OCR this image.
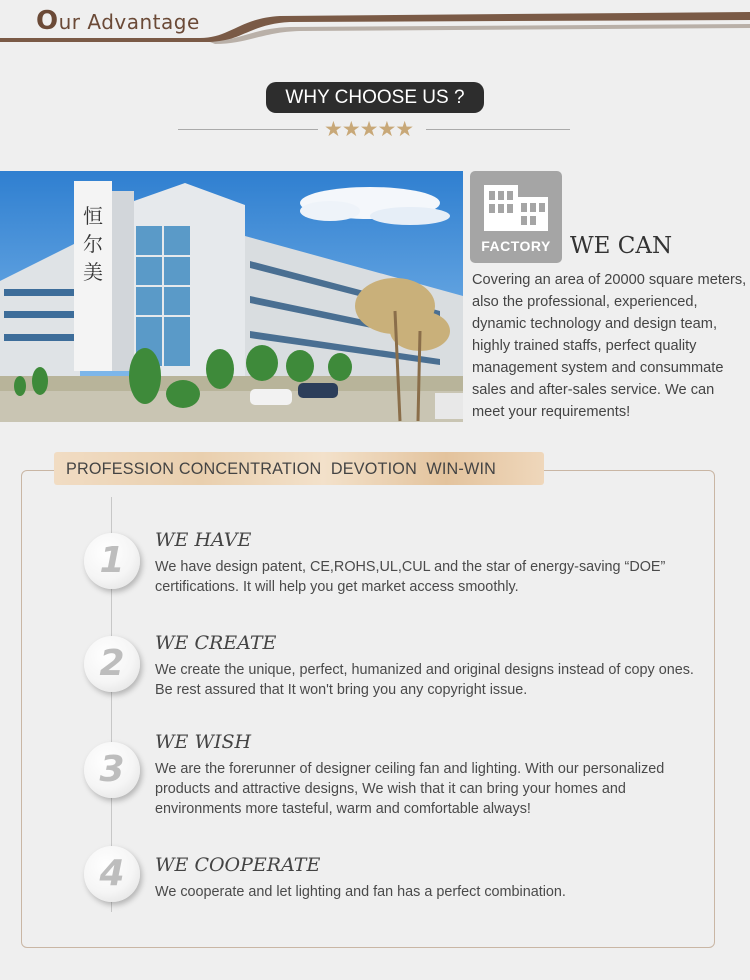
Our Advantage
WHY CHOOSE US ?
★★★★★
恒
尔
美
FACTORY WE CAN
Covering an area of 20000 square meters, also the professional, experienced, dynamic technology and design team, highly trained staffs, perfect quality management system and consummate sales and after-sales service. We can meet your requirements!
PROFESSION CONCENTRATION  DEVOTION  WIN-WIN
1	WE HAVE
We have design patent, CE,ROHS,UL,CUL and the star of energy-saving “DOE” certifications. It will help you get market access smoothly.
2	WE CREATE
We create the unique, perfect, humanized and original designs instead of copy ones. Be rest assured that It won't bring you any copyright issue.
3
WE WISH
We are the forerunner of designer ceiling fan and lighting. With our personalized products and attractive designs, We wish that it can bring your homes and environments more tasteful, warm and comfortable always!
4	WE COOPERATE
We cooperate and let lighting and fan has a perfect combination.
